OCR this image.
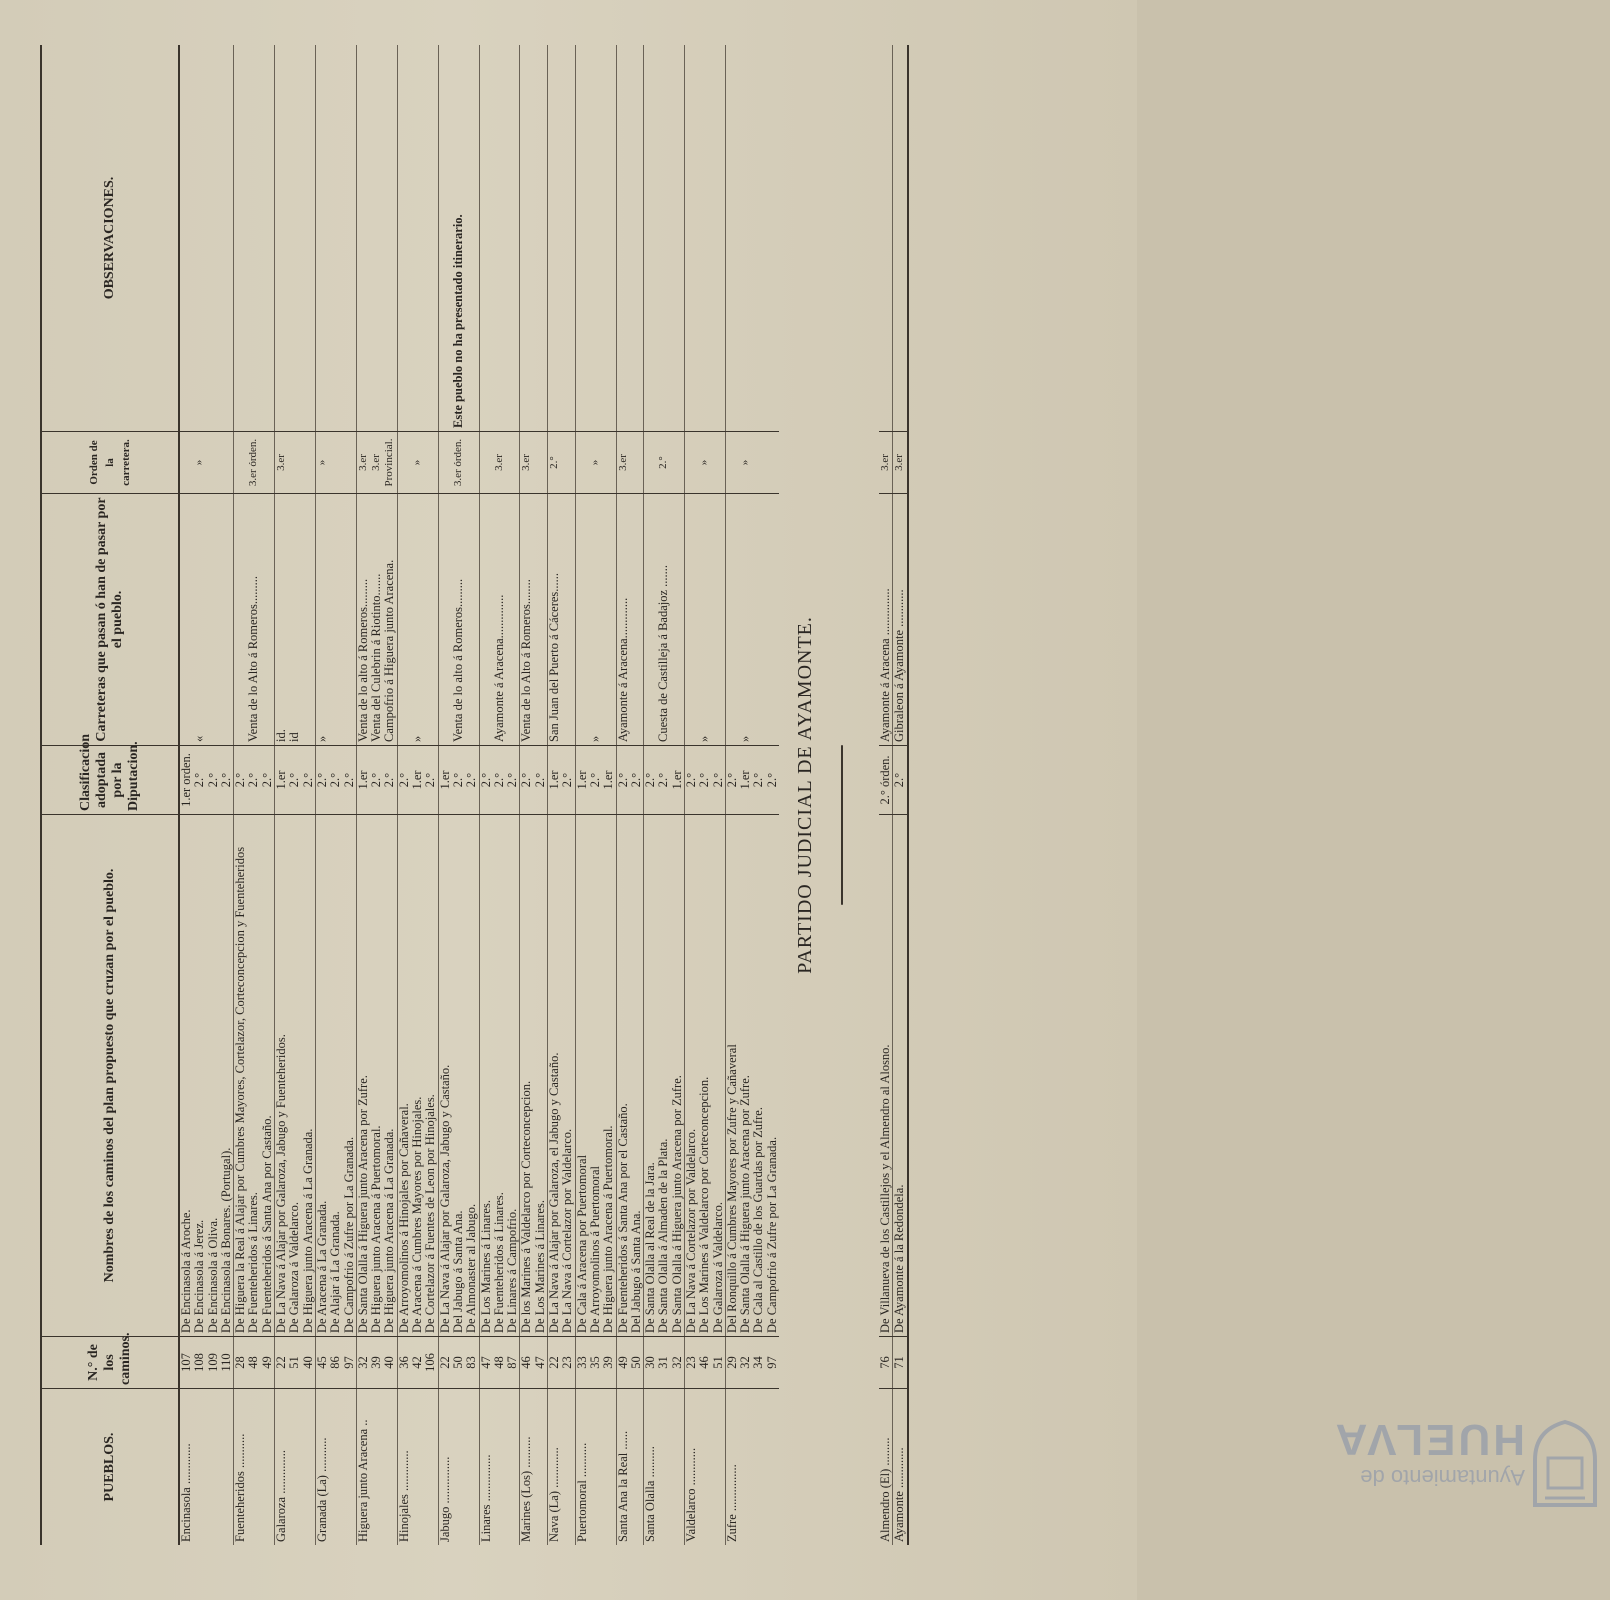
PUEBLOS.	N.° de los caminos.	Nombres de los caminos del plan propuesto que cruzan por el pueblo.	Clasificacion adoptada por la Diputacion.	Carreteras que pasan ó han de pasar por el pueblo.	Orden de la carretera.	OBSERVACIONES.
Encinasola .............	107	De Encinasola á Aroche.	1.er orden.			
	108	De Encinasola á Jerez.	2.°	«	»	
	109	De Encinasola á Oliva.	2.°			
	110	De Encinasola á Bonares. (Portugal).	2.°			
Fuenteheridos ...........	28	De Higuera la Real á Alajar por Cumbres Mayores, Cortelazor, Corteconcepcion y Fuenteheridos	2.°			
	48	De Fuenteheridos á Linares.	2.°	Venta de lo Alto á Romeros.........	3.er órden.	
	49	De Fuenteheridos á Santa Ana por Castaño.	2.°			
Galaroza ..............	22	De La Nava á Alajar por Galaroza, Jabugo y Fuenteheridos.	1.er	id.	3.er	
	51	De Galaroza á Valdelarco.	2.°	id		
	40	De Higuera junto Aracena á La Granada.	2.°			
Granada (La) ...........	45	De Aracena á La Granada.	2.°	»	»	
	86	De Alajar á La Granada.	2.°			
	97	De Campofrio á Zufre por La Granada.	2.°			
Higuera junto Aracena ..	32	De Santa Olalla á Higuera junto Aracena por Zufre.	1.er	Venta de lo alto á Romeros.........	3.er	
	39	De Higuera junto Aracena á Puertomoral.	2.°	Venta del Culebrin á Riotinto.......	3.er	
	40	De Higuera junto Aracena á La Granada.	2.°	Campofrio á Higuera junto Aracena.	Provincial.	
Hinojales .............	36	De Arroyomolinos á Hinojales por Cañaveral.	2.°			
	42	De Aracena á Cumbres Mayores por Hinojales.	1.er	»	»	
	106	De Cortelazor á Fuentes de Leon por Hinojales.	2.°			
Jabugo ...............	22	De La Nava á Alajar por Galaroza, Jabugo y Castaño.	1.er			
	50	Del Jabugo á Santa Ana.	2.°	Venta de lo alto á Romeros.........	3.er órden.	Este pueblo no ha presentado itinerario.
	83	De Almonaster al Jabugo.	2.°			
Linares ...............	47	De Los Marines á Linares.	2.°			
	48	De Fuenteheridos á Linares.	2.°	Ayamonte á Aracena..............	3.er	
	87	De Linares á Campofrio.	2.°			
Marines (Los) ..........	46	De los Marines á Valdelarco por Corteconcepcion.	2.°	Venta de lo Alto á Romeros........	3.er	
	47	De Los Marines á Linares.	2.°			
Nava (La) .............	22	De La Nava á Alajar por Galaroza, el Jabugo y Castaño.	1.er	San Juan del Puerto á Cáceres......	2.°	
	23	De La Nava á Cortelazor por Valdelarco.	2.°			
Puertomoral ...........	33	De Cala á Aracena por Puertomoral	1.er			
	35	De Arroyomolinos á Puertomoral	2.°	»	»	
	39	De Higuera junto Aracena á Puertomoral.	1.er			
Santa Ana la Real ......	49	De Fuenteheridos á Santa Ana por el Castaño.	2.°	Ayamonte á Aracena.............	3.er	
	50	Del Jabugo á Santa Ana.	2.°			
Santa Olalla ..........	30	De Santa Olalla al Real de la Jara.	2.°			
	31	De Santa Olalla á Almaden de la Plata.	2.°	Cuesta de Castilleja á Badajoz .......	2.°	
	32	De Santa Olalla á Higuera junto Aracena por Zufre.	1.er			
Valdelarco ............	23	De La Nava á Cortelazor por Valdelarco.	2.°			
	46	De Los Marines á Valdelarco por Corteconcepcion.	2.°	»	»	
	51	De Galaroza á Valdelarco.	2.°			
Zufre ...............	29	Del Ronquillo á Cumbres Mayores por Zufre y Cañaveral	2.°			
	32	De Santa Olalla á Higuera junto Aracena por Zufre.	1.er	»	»	
	34	De Cala al Castillo de los Guardas por Zufre.	2.°			
	97	De Campofrio á Zufre por La Granada.	2.°			

PARTIDO JUDICIAL DE AYAMONTE.						

Almendro (El) .........	76	De Villanueva de los Castillejos y el Almendro al Alosno.	2.° órden.	Ayamonte á Aracena ...............	3.er	
Ayamonte .............	71	De Ayamonte á la Redondela.	2.°	Gibraleon á Ayamonte ............	3.er	
Ayuntamiento de
HUELVA
